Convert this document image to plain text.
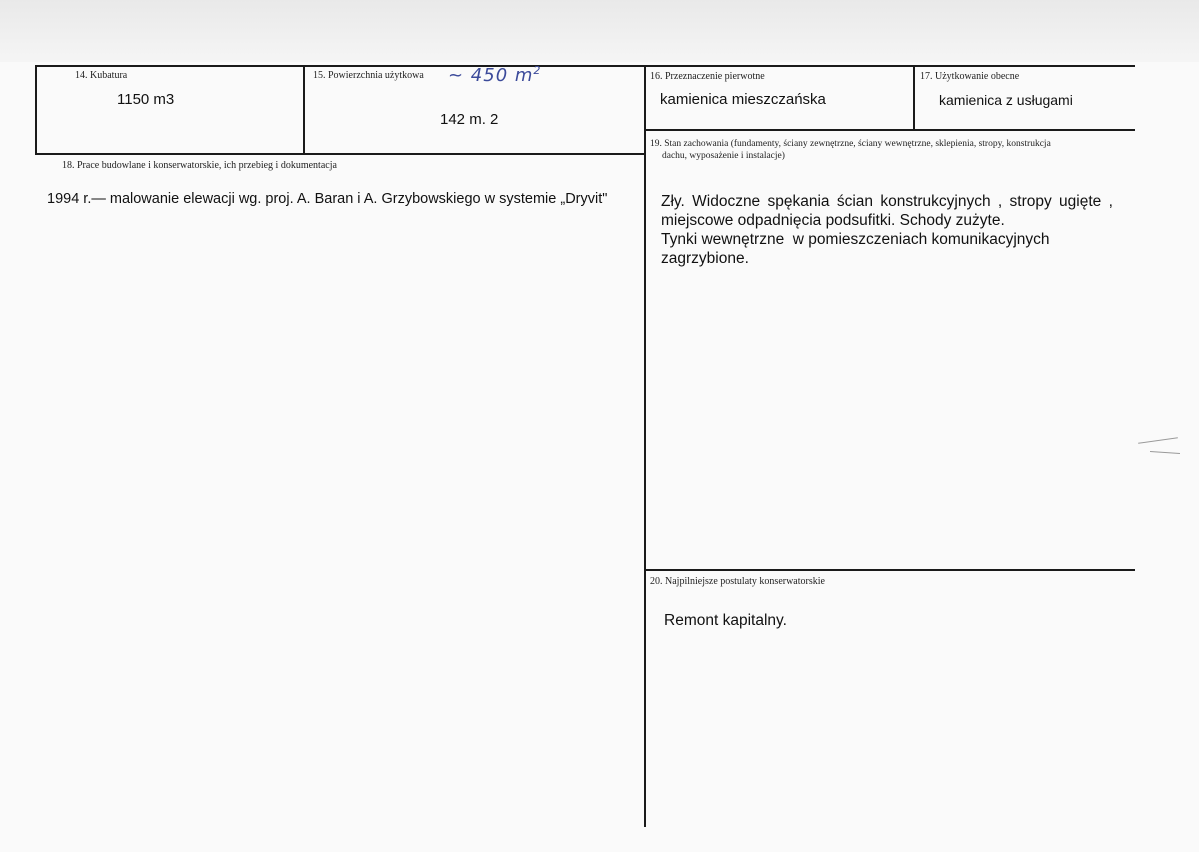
14. Kubatura
1150 m3
15. Powierzchnia użytkowa ~ 450 $m^2$
142 m. 2
16. Przeznaczenie pierwotne
kamienica mieszczańska
17. Użytkowanie obecne
kamienica z usługami
18. Prace budowlane i konserwatorskie, ich przebieg i dokumentacja
1994 r.— malowanie elewacji wg. proj. A. Baran i A. Grzybowskiego w systemie „Dryvit"
19. Stan zachowania (fundamenty, ściany zewnętrzne, ściany wewnętrzne, sklepienia, stropy, konstrukcja
dachu, wyposażenie i instalacje)
Zły. Widoczne spękania ścian konstrukcyjnych , stropy ugięte ,
miejscowe odpadnięcia podsufitki. Schody zużyte.
Tynki wewnętrzne  w pomieszczeniach komunikacyjnych
zagrzybione.
20. Najpilniejsze postulaty konserwatorskie
Remont kapitalny.
